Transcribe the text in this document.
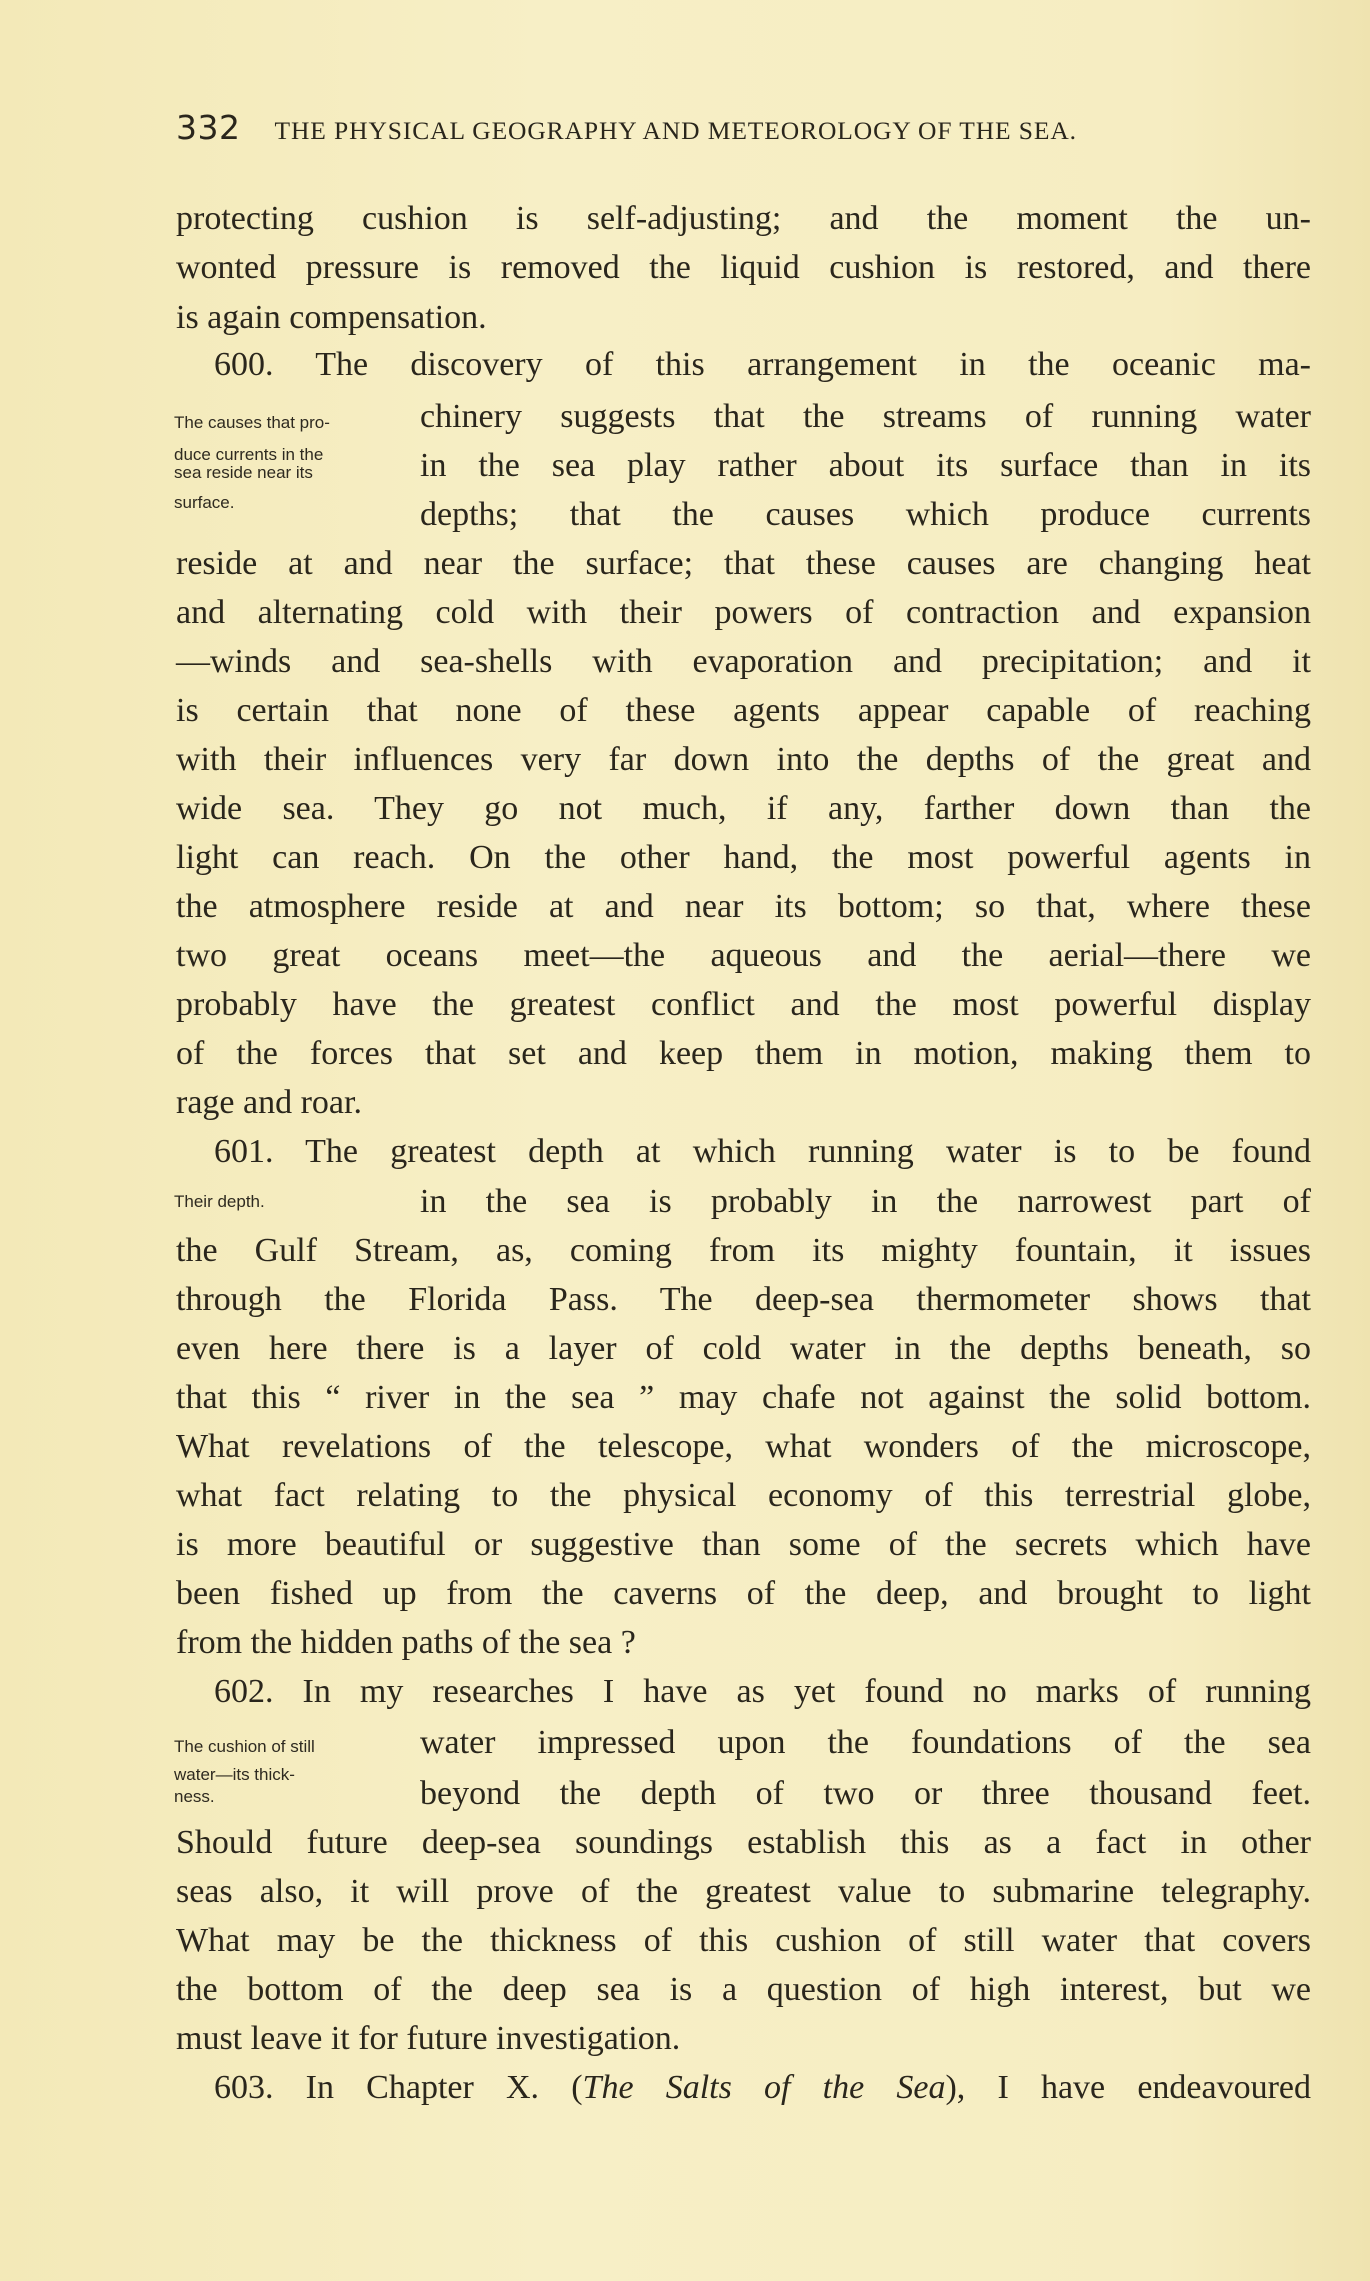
332 THE PHYSICAL GEOGRAPHY AND METEOROLOGY OF THE SEA.
The causes that pro-
duce currents in the
sea reside near its
surface.
Their depth.
The cushion of still
water—its thick-
ness.
protecting cushion is self-adjusting; and the moment the un-
wonted pressure is removed the liquid cushion is restored, and there
is again compensation.
600. The discovery of this arrangement in the oceanic ma-
chinery suggests that the streams of running water
in the sea play rather about its surface than in its
depths; that the causes which produce currents
reside at and near the surface; that these causes are changing heat
and alternating cold with their powers of contraction and expansion
—winds and sea-shells with evaporation and precipitation; and it
is certain that none of these agents appear capable of reaching
with their influences very far down into the depths of the great and
wide sea. They go not much, if any, farther down than the
light can reach. On the other hand, the most powerful agents in
the atmosphere reside at and near its bottom; so that, where these
two great oceans meet—the aqueous and the aerial—there we
probably have the greatest conflict and the most powerful display
of the forces that set and keep them in motion, making them to
rage and roar.
601. The greatest depth at which running water is to be found
in the sea is probably in the narrowest part of
the Gulf Stream, as, coming from its mighty fountain, it issues
through the Florida Pass. The deep-sea thermometer shows that
even here there is a layer of cold water in the depths beneath, so
that this “ river in the sea ” may chafe not against the solid bottom.
What revelations of the telescope, what wonders of the microscope,
what fact relating to the physical economy of this terrestrial globe,
is more beautiful or suggestive than some of the secrets which have
been fished up from the caverns of the deep, and brought to light
from the hidden paths of the sea ?
602. In my researches I have as yet found no marks of running
water impressed upon the foundations of the sea
beyond the depth of two or three thousand feet.
Should future deep-sea soundings establish this as a fact in other
seas also, it will prove of the greatest value to submarine telegraphy.
What may be the thickness of this cushion of still water that covers
the bottom of the deep sea is a question of high interest, but we
must leave it for future investigation.
603. In Chapter X. (The Salts of the Sea), I have endeavoured
